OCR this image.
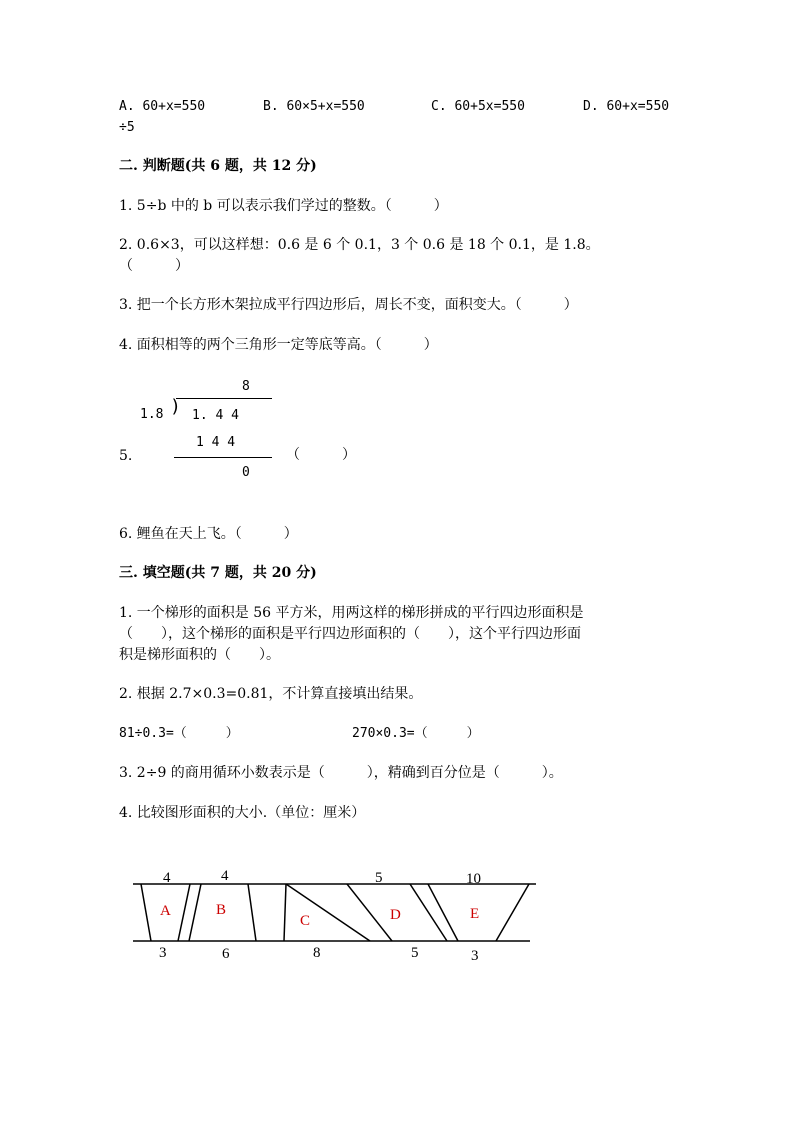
A. 60+x=550	B. 60×5+x=550	C. 60+5x=550	D. 60+x=550
÷5
二. 判断题(共 6 题，共 12 分)
1. 5÷b 中的 b 可以表示我们学过的整数。（　　　）
2. 0.6×3，可以这样想：0.6 是 6 个 0.1，3 个 0.6 是 18 个 0.1，是 1.8。
（　　　）
3. 把一个长方形木架拉成平行四边形后，周长不变，面积变大。（　　　）
4. 面积相等的两个三角形一定等底等高。（　　　）
8
1.8 ) 1. 4 4
1 4 4
0
5.	（　　　）
6. 鲤鱼在天上飞。（　　　）
三. 填空题(共 7 题，共 20 分)
1. 一个梯形的面积是 56 平方米，用两这样的梯形拼成的平行四边形面积是
（　　），这个梯形的面积是平行四边形面积的（　　），这个平行四边形面
积是梯形面积的（　　）。
2. 根据 2.7×0.3=0.81，不计算直接填出结果。
81÷0.3=（　　　）	270×0.3=（　　　）
3. 2÷9 的商用循环小数表示是（　　　），精确到百分位是（　　　）。
4. 比较图形面积的大小.（单位：厘米）
4	4	5	10
3	6	8	5	3
A	B
C	D	E
